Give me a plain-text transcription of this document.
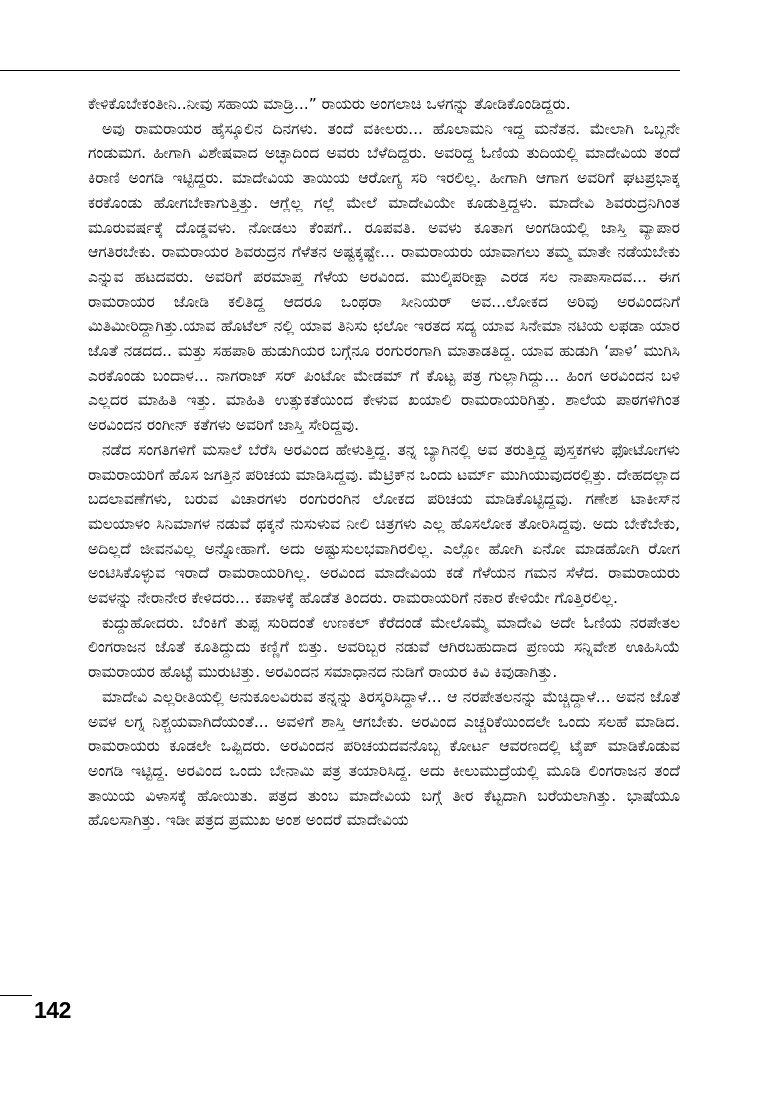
ಕೇಳಿಕೊಬೇಕಂತೀನಿ..ನೀವು ಸಹಾಯ ಮಾಡ್ರಿ...” ರಾಯರು ಅಂಗಲಾಚಿ ಒಳಗನ್ನು ತೋಡಿಕೊಂಡಿದ್ದರು.

ಅವು ರಾಮರಾಯರ ಹೈಸ್ಕೂಲಿನ ದಿನಗಳು. ತಂದೆ ವಕೀಲರು... ಹೊಲಾಮನಿ ಇದ್ದ ಮನೆತನ. ಮೇಲಾಗಿ ಒಬ್ಬನೇ ಗಂಡುಮಗ. ಹೀಗಾಗಿ ವಿಶೇಷವಾದ ಅಚ್ಛಾದಿಂದ ಅವರು ಬೆಳೆದಿದ್ದರು. ಅವರಿದ್ದ ಓಣಿಯ ತುದಿಯಲ್ಲಿ ಮಾದೇವಿಯ ತಂದೆ ಕಿರಾಣಿ ಅಂಗಡಿ ಇಟ್ಟಿದ್ದರು. ಮಾದೇವಿಯ ತಾಯಿಯ ಆರೋಗ್ಯ ಸರಿ ಇರಲಿಲ್ಲ. ಹೀಗಾಗಿ ಆಗಾಗ ಅವರಿಗೆ ಘಟಪ್ರಭಾಕ್ಕ ಕರಕೊಂಡು ಹೋಗಬೇಕಾಗುತ್ತಿತ್ತು. ಆಗ್ಲೆಲ್ಲ ಗಲ್ಲೆ ಮೇಲೆ ಮಾದೇವಿಯೇ ಕೂಡುತ್ತಿದ್ದಳು. ಮಾದೇವಿ ಶಿವರುದ್ರನಿಗಿಂತ ಮೂರುವರ್ಷಕ್ಕೆ ದೊಡ್ಡವಳು. ನೋಡಲು ಕೆಂಪಗೆ.. ರೂಪವತಿ. ಅವಳು ಕೂತಾಗ ಅಂಗಡಿಯಲ್ಲಿ ಜಾಸ್ತಿ ವ್ಯಾಪಾರ ಆಗತಿರಬೇಕು. ರಾಮರಾಯರ ಶಿವರುದ್ರನ ಗೆಳೆತನ ಅಷ್ಟಕ್ಕಷ್ಟೇ... ರಾಮರಾಯರು ಯಾವಾಗಲು ತಮ್ಮ ಮಾತೇ ನಡೆಯಬೇಕು ಎನ್ನುವ ಹಟದವರು. ಅವರಿಗೆ ಪರಮಾಪ್ತ ಗೆಳೆಯ ಅರವಿಂದ. ಮುಲ್ಕಿಪರೀಕ್ಷಾ ಎರಡ ಸಲ ನಾಪಾಸಾದವ... ಈಗ ರಾಮರಾಯರ ಜೋಡಿ ಕಲಿತಿದ್ದ ಆದರೂ ಒಂಥರಾ ಸೀನಿಯರ್ ಅವ...ಲೋಕದ ಅರಿವು ಅರವಿಂದನಿಗೆ ಮಿತಿಮೀರಿದ್ದಾಗಿತ್ತು.ಯಾವ ಹೊಟೆಲ್ ನಲ್ಲಿ ಯಾವ ತಿನಿಸು ಛಲೋ ಇರತದ ಸದ್ಯ ಯಾವ ಸಿನೇಮಾ ನಟಿಯ ಲಫಡಾ ಯಾರ ಜೊತೆ ನಡದದ.. ಮತ್ತು ಸಹಪಾಠಿ ಹುಡುಗಿಯರ ಬಗ್ಗೆನೂ ರಂಗುರಂಗಾಗಿ ಮಾತಾಡತಿದ್ದ. ಯಾವ ಹುಡುಗಿ ‘ಪಾಳಿ’ ಮುಗಿಸಿ ಎರಕೊಂಡು ಬಂದಾಳ... ನಾಗರಾಜ್ ಸರ್ ಪಿಂಟೋ ಮೇಡಮ್ ಗೆ ಕೊಟ್ಟ ಪತ್ರ ಗುಲ್ಲಾಗಿದ್ದು... ಹಿಂಗ ಅರವಿಂದನ ಬಳಿ ಎಲ್ಲದರ ಮಾಹಿತಿ ಇತ್ತು. ಮಾಹಿತಿ ಉತ್ಸುಕತೆಯಿಂದ ಕೇಳುವ ಖಯಾಲಿ ರಾಮರಾಯರಿಗಿತ್ತು. ಶಾಲೆಯ ಪಾಠಗಳಿಗಿಂತ ಅರವಿಂದನ ರಂಗೀನ್ ಕತೆಗಳು ಅವರಿಗೆ ಜಾಸ್ತಿ ಸೇರಿದ್ದವು.

ನಡೆದ ಸಂಗತಿಗಳಿಗೆ ಮಸಾಲೆ ಬೆರೆಸಿ ಅರವಿಂದ ಹೇಳುತ್ತಿದ್ದ. ತನ್ನ ಬ್ಯಾಗಿನಲ್ಲಿ ಅವ ತರುತ್ತಿದ್ದ ಪುಸ್ತಕಗಳು ಫೋಟೋಗಳು ರಾಮರಾಯರಿಗೆ ಹೊಸ ಜಗತ್ತಿನ ಪರಿಚಯ ಮಾಡಿಸಿದ್ದವು. ಮೆಟ್ರಿಕ್‌ನ ಒಂದು ಟರ್ಮ್ ಮುಗಿಯುವುದರಲ್ಲಿತ್ತು. ದೇಹದಲ್ಲಾದ ಬದಲಾವಣೆಗಳು, ಬರುವ ವಿಚಾರಗಳು ರಂಗುರಂಗಿನ ಲೋಕದ ಪರಿಚಯ ಮಾಡಿಕೊಟ್ಟಿದ್ದವು. ಗಣೇಶ ಟಾಕೀಸ್‌ನ ಮಲಯಾಳಂ ಸಿನಿಮಾಗಳ ನಡುವೆ ಥಕ್ಕನೆ ನುಸುಳುವ ನೀಲಿ ಚಿತ್ರಗಳು ಎಲ್ಲ ಹೊಸಲೋಕ ತೋರಿಸಿದ್ದವು. ಅದು ಬೇಕೆಬೇಕು, ಅದಿಲ್ಲದೆ ಜೀವನವಿಲ್ಲ ಅನ್ನೋಹಾಗೆ. ಅದು ಅಷ್ಟುಸುಲಭವಾಗಿರಲಿಲ್ಲ. ಎಲ್ಲೋ ಹೋಗಿ ಏನೋ ಮಾಡಹೋಗಿ ರೋಗ ಅಂಟಿಸಿಕೊಳ್ಳುವ ಇರಾದೆ ರಾಮರಾಯರಿಗಿಲ್ಲ. ಅರವಿಂದ ಮಾದೇವಿಯ ಕಡೆ ಗೆಳೆಯನ ಗಮನ ಸೆಳೆದ. ರಾಮರಾಯರು ಅವಳನ್ನು ನೇರಾನೇರ ಕೇಳಿದರು... ಕಪಾಳಕ್ಕೆ ಹೊಡೆತ ತಿಂದರು. ರಾಮರಾಯರಿಗೆ ನಕಾರ ಕೇಳಿಯೇ ಗೊತ್ತಿರಲಿಲ್ಲ.

ಕುದ್ದುಹೋದರು. ಬೆಂಕಿಗೆ ತುಪ್ಪ ಸುರಿದಂತೆ ಉಣಕಲ್ ಕೆರೆದಂಡೆ ಮೇಲೊಮ್ಮೆ ಮಾದೇವಿ ಅದೇ ಓಣಿಯ ನರಪೇತಲ ಲಿಂಗರಾಜನ ಜೊತೆ ಕೂತಿದ್ದುದು ಕಣ್ಣಿಗೆ ಬಿತ್ತು. ಅವರಿಬ್ಬರ ನಡುವೆ ಆಗಿರಬಹುದಾದ ಪ್ರಣಯ ಸನ್ನಿವೇಶ ಊಹಿಸಿಯೆ ರಾಮರಾಯರ ಹೊಟ್ಟೆ ಮುರುಟಿತ್ತು. ಅರವಿಂದನ ಸಮಾಧಾನದ ನುಡಿಗೆ ರಾಯರ ಕಿವಿ ಕಿವುಡಾಗಿತ್ತು.

ಮಾದೇವಿ ಎಲ್ಲರೀತಿಯಲ್ಲಿ ಅನುಕೂಲವಿರುವ ತನ್ನನ್ನು ತಿರಸ್ಕರಿಸಿದ್ದಾಳೆ... ಆ ನರಪೇತಲನನ್ನು ಮೆಚ್ಚಿದ್ದಾಳೆ... ಅವನ ಜೊತೆ ಅವಳ ಲಗ್ನ ನಿಶ್ಚಯವಾಗಿದೆಯಂತೆ... ಅವಳಿಗೆ ಶಾಸ್ತಿ ಆಗಬೇಕು. ಅರವಿಂದ ಎಚ್ಚರಿಕೆಯಿಂದಲೇ ಒಂದು ಸಲಹೆ ಮಾಡಿದ. ರಾಮರಾಯರು ಕೂಡಲೇ ಒಪ್ಪಿದರು. ಅರವಿಂದನ ಪರಿಚಯದವನೊಬ್ಬ ಕೋರ್ಟ ಆವರಣದಲ್ಲಿ ಟೈಪ್ ಮಾಡಿಕೊಡುವ ಅಂಗಡಿ ಇಟ್ಟಿದ್ದ. ಅರವಿಂದ ಒಂದು ಬೇನಾಮಿ ಪತ್ರ ತಯಾರಿಸಿದ್ದ. ಅದು ಕೀಲುಮುದ್ರೆಯಲ್ಲಿ ಮೂಡಿ ಲಿಂಗರಾಜನ ತಂದೆ ತಾಯಿಯ ವಿಳಾಸಕ್ಕೆ ಹೋಯಿತು. ಪತ್ರದ ತುಂಬ ಮಾದೇವಿಯ ಬಗ್ಗೆ ತೀರ ಕೆಟ್ಟದಾಗಿ ಬರೆಯಲಾಗಿತ್ತು. ಭಾಷೆಯೂ ಹೊಲಸಾಗಿತ್ತು. ಇಡೀ ಪತ್ರದ ಪ್ರಮುಖ ಅಂಶ ಅಂದರೆ ಮಾದೇವಿಯ

142
